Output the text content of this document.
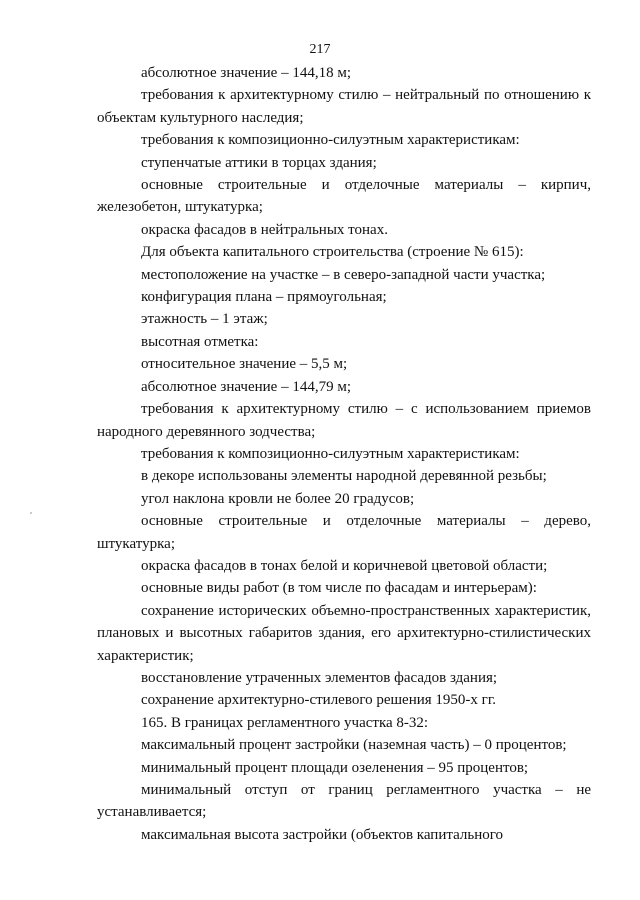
217

абсолютное значение – 144,18 м;

требования к архитектурному стилю – нейтральный по отношению к объектам культурного наследия;

требования к композиционно-силуэтным характеристикам:

ступенчатые аттики в торцах здания;

основные строительные и отделочные материалы – кирпич, железобетон, штукатурка;

окраска фасадов в нейтральных тонах.

Для объекта капитального строительства (строение № 615):

местоположение на участке – в северо-западной части участка;

конфигурация плана – прямоугольная;

этажность – 1 этаж;

высотная отметка:

относительное значение – 5,5 м;

абсолютное значение – 144,79 м;

требования к архитектурному стилю – с использованием приемов народного деревянного зодчества;

требования к композиционно-силуэтным характеристикам:

в декоре использованы элементы народной деревянной резьбы;

угол наклона кровли не более 20 градусов;

основные строительные и отделочные материалы – дерево, штукатурка;

окраска фасадов в тонах белой и коричневой цветовой области;

основные виды работ (в том числе по фасадам и интерьерам):

сохранение исторических объемно-пространственных характеристик, плановых и высотных габаритов здания, его архитектурно-стилистических характеристик;

восстановление утраченных элементов фасадов здания;

сохранение архитектурно-стилевого решения 1950-х гг.

165. В границах регламентного участка 8-32:

максимальный процент застройки (наземная часть) – 0 процентов;

минимальный процент площади озеленения – 95 процентов;

минимальный отступ от границ регламентного участка – не устанавливается;

максимальная высота застройки (объектов капитального
